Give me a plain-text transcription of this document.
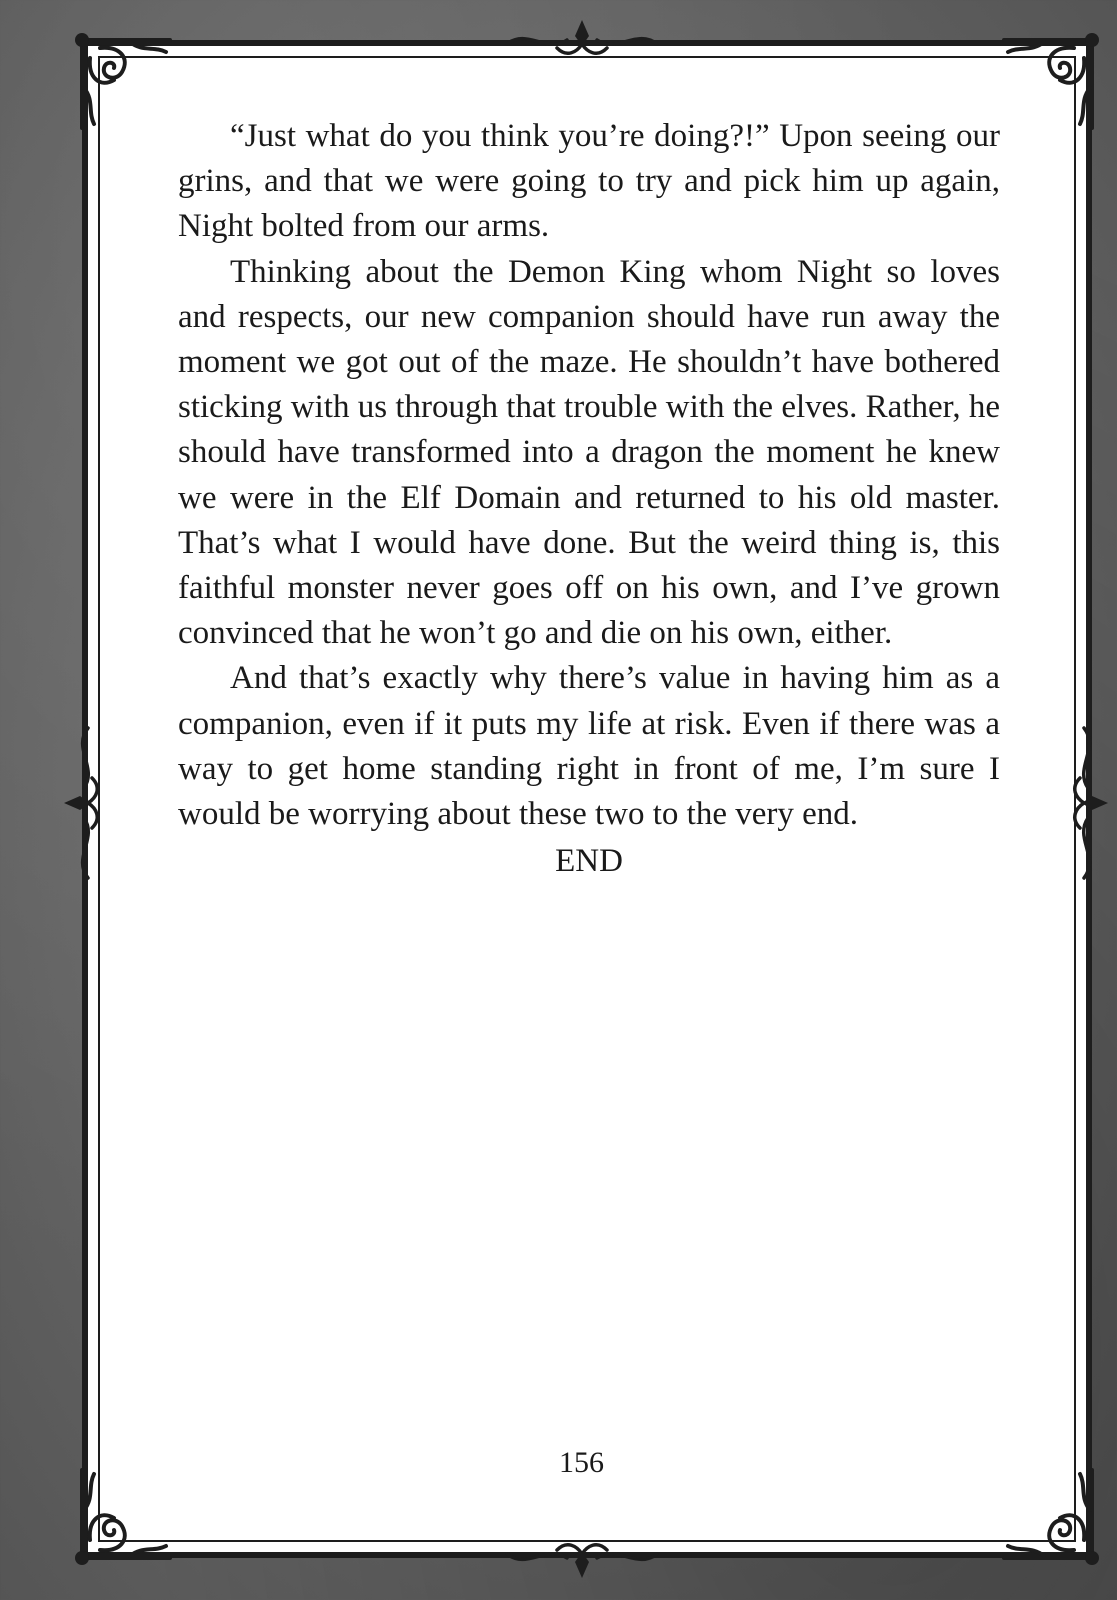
“Just what do you think you’re doing?!” Upon seeing our grins, and that we were going to try and pick him up again, Night bolted from our arms.

Thinking about the Demon King whom Night so loves and respects, our new companion should have run away the moment we got out of the maze. He shouldn’t have bothered sticking with us through that trouble with the elves. Rather, he should have transformed into a dragon the moment he knew we were in the Elf Domain and returned to his old master. That’s what I would have done. But the weird thing is, this faithful monster never goes off on his own, and I’ve grown convinced that he won’t go and die on his own, either.

And that’s exactly why there’s value in having him as a companion, even if it puts my life at risk. Even if there was a way to get home standing right in front of me, I’m sure I would be worrying about these two to the very end.

END

156
